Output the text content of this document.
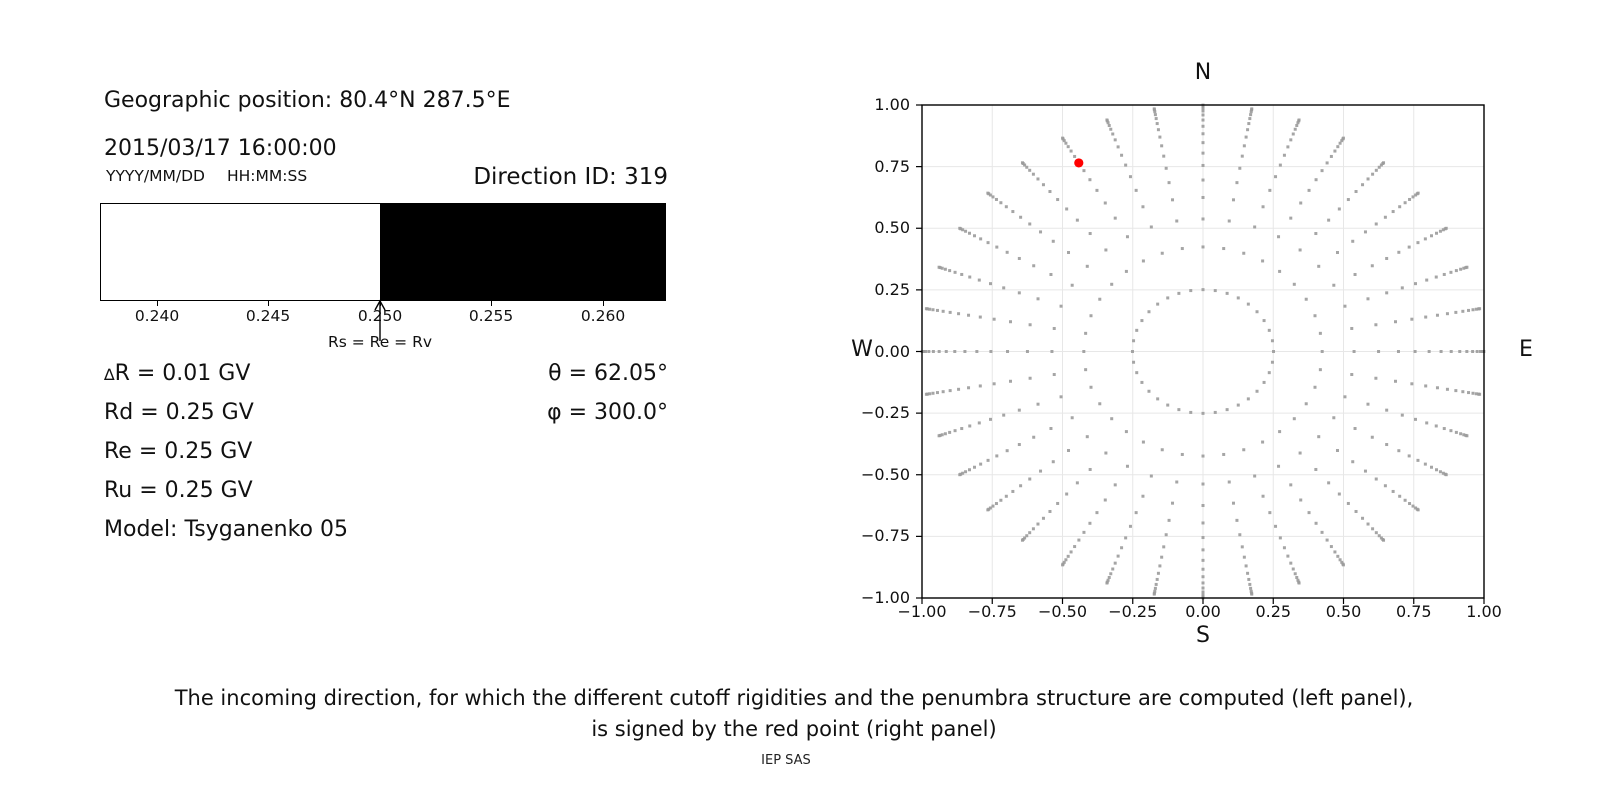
Geographic position: 80.4°N 287.5°E
2015/03/17 16:00:00
YYYY/MM/DD HH:MM:SS	Direction ID: 319
0.240	0.245	0.250	0.255	0.260
Rs = Re = Rv
∆R = 0.01 GV
Rd = 0.25 GV
Re = 0.25 GV
Ru = 0.25 GV
Model: Tsyganenko 05
θ = 62.05°
φ = 300.0°
N
S
W	E
1.00
0.75
0.50
0.25
0.00
−0.25
−0.50
−0.75
−1.00
−1.00	−0.75	−0.50	−0.25	0.00	0.25	0.50	0.75	1.00
The incoming direction, for which the different cutoff rigidities and the penumbra structure are computed (left panel),
is signed by the red point (right panel)
IEP SAS
